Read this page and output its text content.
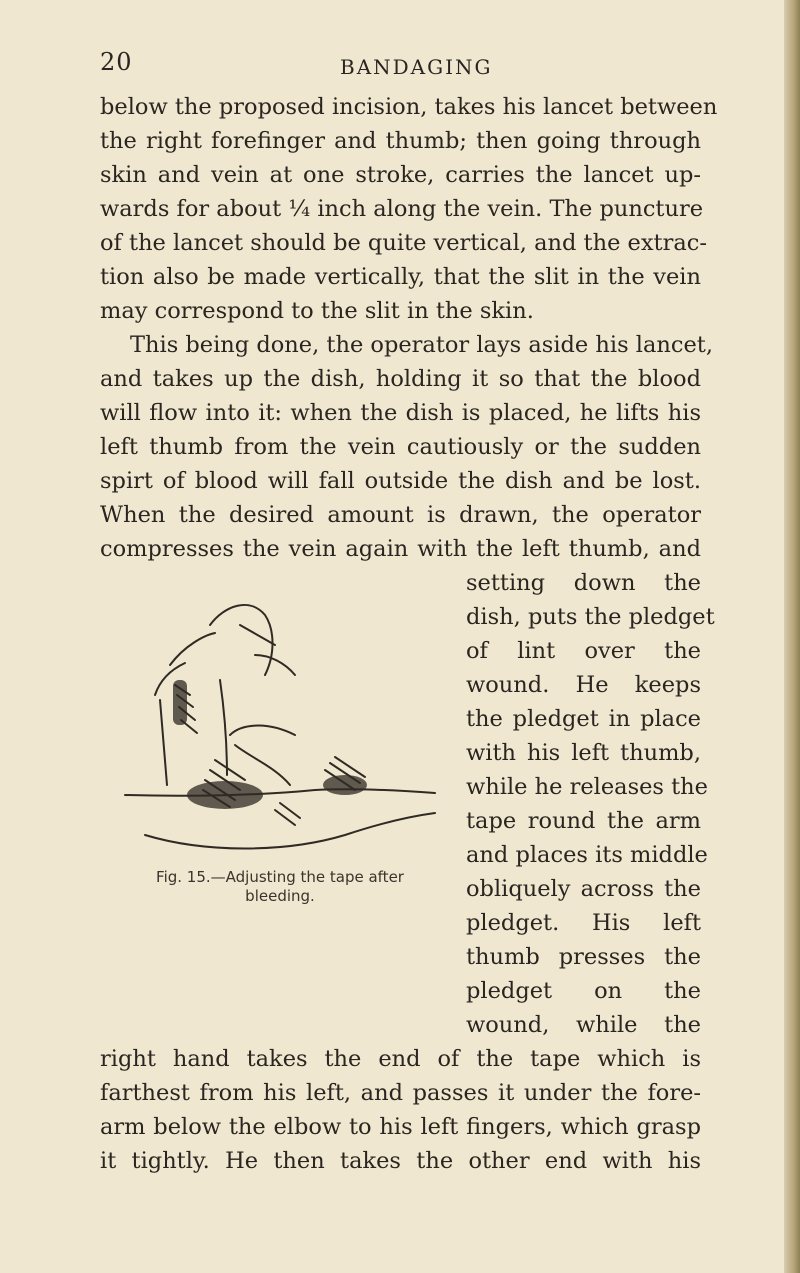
20	BANDAGING
below the proposed incision, takes his lancet between
the right forefinger and thumb; then going through
skin and vein at one stroke, carries the lancet up-
wards for about ¼ inch along the vein. The puncture
of the lancet should be quite vertical, and the extrac-
tion also be made vertically, that the slit in the vein
may correspond to the slit in the skin.
This being done, the operator lays aside his lancet,
and takes up the dish, holding it so that the blood
will flow into it: when the dish is placed, he lifts his
left thumb from the vein cautiously or the sudden
spirt of blood will fall outside the dish and be lost.
When the desired amount is drawn, the operator
compresses the vein again with the left thumb, and
setting down the
dish, puts the pledget
of lint over the
wound. He keeps
the pledget in place
with his left thumb,
while he releases the
tape round the arm
and places its middle
obliquely across the
pledget. His left
thumb presses the
pledget on the
wound, while the
right hand takes the end of the tape which is
farthest from his left, and passes it under the fore-
arm below the elbow to his left fingers, which grasp
it tightly. He then takes the other end with his
Fig. 15.—Adjusting the tape after
bleeding.
